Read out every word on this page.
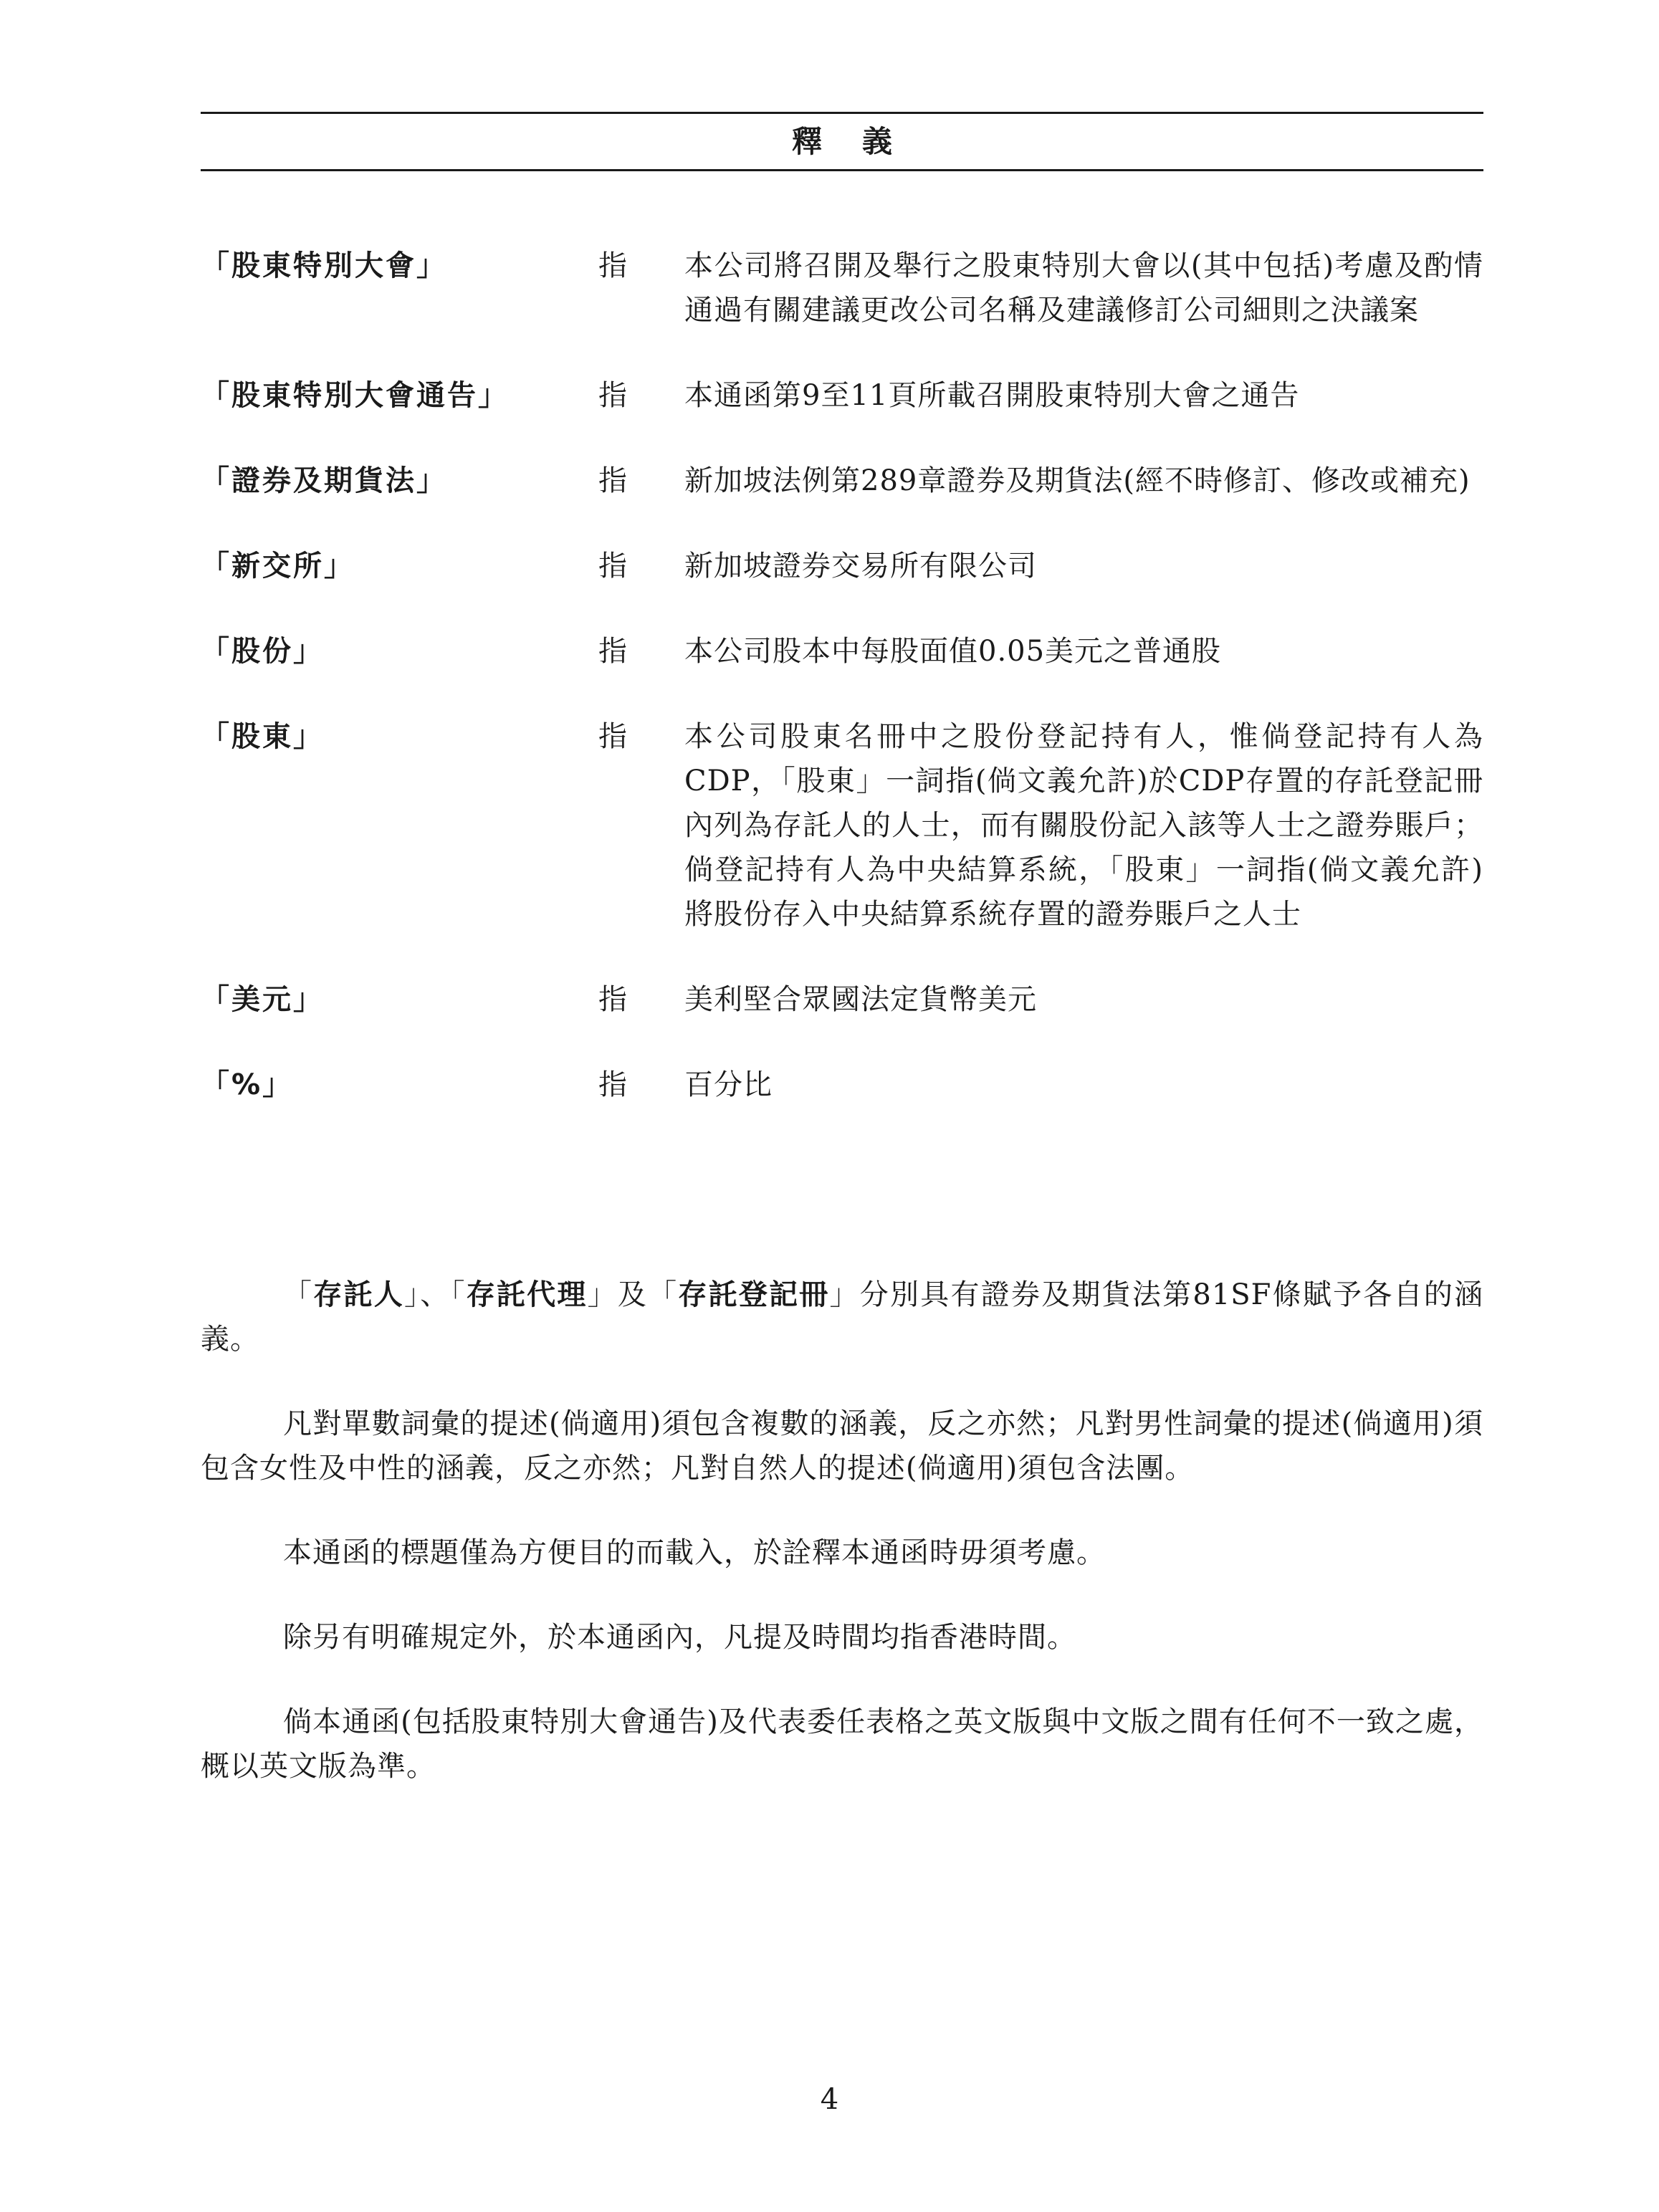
釋義
「股東特別大會」	指 本公司將召開及舉行之股東特別大會以(其中包括)考慮及酌情通過有關建議更改公司名稱及建議修訂公司細則之決議案
「股東特別大會通告」	指 本通函第9至11頁所載召開股東特別大會之通告
「證券及期貨法」	指 新加坡法例第289章證券及期貨法(經不時修訂、修改或補充)
「新交所」	指 新加坡證券交易所有限公司
「股份」	指 本公司股本中每股面值0.05美元之普通股
「股東」	指 本公司股東名冊中之股份登記持有人，惟倘登記持有人為CDP，「股東」一詞指(倘文義允許)於CDP存置的存託登記冊內列為存託人的人士，而有關股份記入該等人士之證券賬戶；倘登記持有人為中央結算系統，「股東」一詞指(倘文義允許)將股份存入中央結算系統存置的證券賬戶之人士
「美元」	指 美利堅合眾國法定貨幣美元
「%」	指 百分比

「存託人」、「存託代理」及「存託登記冊」分別具有證券及期貨法第81SF條賦予各自的涵義。

凡對單數詞彙的提述(倘適用)須包含複數的涵義，反之亦然；凡對男性詞彙的提述(倘適用)須包含女性及中性的涵義，反之亦然；凡對自然人的提述(倘適用)須包含法團。

本通函的標題僅為方便目的而載入，於詮釋本通函時毋須考慮。

除另有明確規定外，於本通函內，凡提及時間均指香港時間。

倘本通函(包括股東特別大會通告)及代表委任表格之英文版與中文版之間有任何不一致之處，概以英文版為準。

4
